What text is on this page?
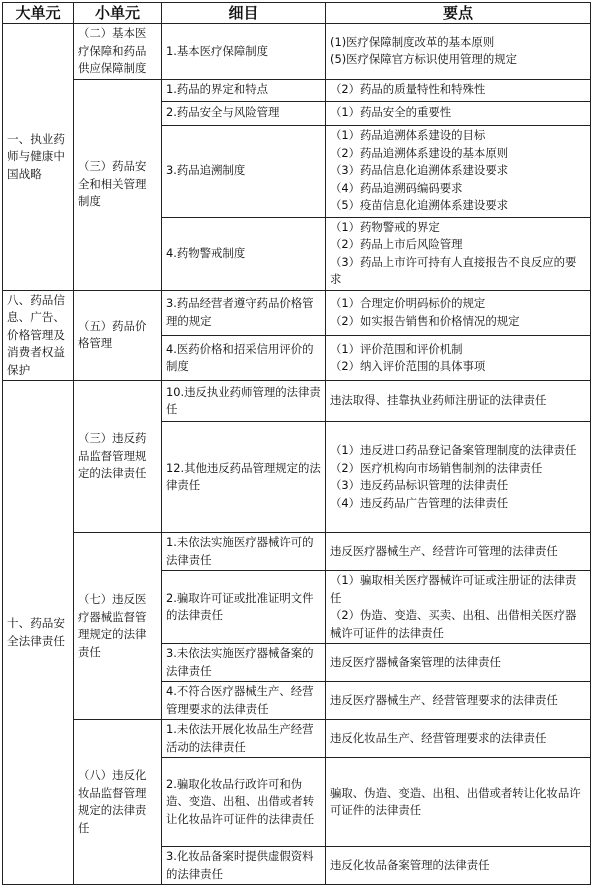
大单元	小单元	细目	要点
一、执业药师与健康中国战略	（二）基本医疗保障和药品供应保障制度	1.基本医疗保障制度	(1)医疗保障制度改革的基本原则
(5)医疗保障官方标识使用管理的规定

	（三）药品安全和相关管理制度	1.药品的界定和特点	（2）药品的质量特性和特殊性

		2.药品安全与风险管理	（1）药品安全的重要性

		3.药品追溯制度	（1）药品追溯体系建设的目标
（2）药品追溯体系建设的基本原则
（3）药品信息化追溯体系建设要求
（4）药品追溯码编码要求
（5）疫苗信息化追溯体系建设要求

		4.药物警戒制度	（1）药物警戒的界定
（2）药品上市后风险管理
（3）药品上市许可持有人直接报告不良反应的要求

八、药品信息、广告、价格管理及消费者权益保护	（五）药品价格管理	3.药品经营者遵守药品价格管理的规定	（1）合理定价明码标价的规定
（2）如实报告销售和价格情况的规定

		4.医药价格和招采信用评价的制度	（1）评价范围和评价机制
（2）纳入评价范围的具体事项

十、药品安全法律责任	（三）违反药品监督管理规定的法律责任	10.违反执业药师管理的法律责任	违法取得、挂靠执业药师注册证的法律责任

		12.其他违反药品管理规定的法律责任	（1）违反进口药品登记备案管理制度的法律责任
（2）医疗机构向市场销售制剂的法律责任
（3）违反药品标识管理的法律责任
（4）违反药品广告管理的法律责任

	（七）违反医疗器械监督管理规定的法律责任	1.未依法实施医疗器械许可的法律责任	违反医疗器械生产、经营许可管理的法律责任

		2.骗取许可证或批准证明文件的法律责任	（1）骗取相关医疗器械许可证或注册证的法律责任
（2）伪造、变造、买卖、出租、出借相关医疗器械许可证件的法律责任

		3.未依法实施医疗器械备案的法律责任	违反医疗器械备案管理的法律责任

		4.不符合医疗器械生产、经营管理要求的法律责任	违反医疗器械生产、经营管理要求的法律责任

	（八）违反化妆品监督管理规定的法律责任	1.未依法开展化妆品生产经营活动的法律责任	违反化妆品生产、经营管理要求的法律责任

		2.骗取化妆品行政许可和伪造、变造、出租、出借或者转让化妆品许可证件的法律责任	骗取、伪造、变造、出租、出借或者转让化妆品许可证件的法律责任

		3.化妆品备案时提供虚假资料的法律责任	违反化妆品备案管理的法律责任
